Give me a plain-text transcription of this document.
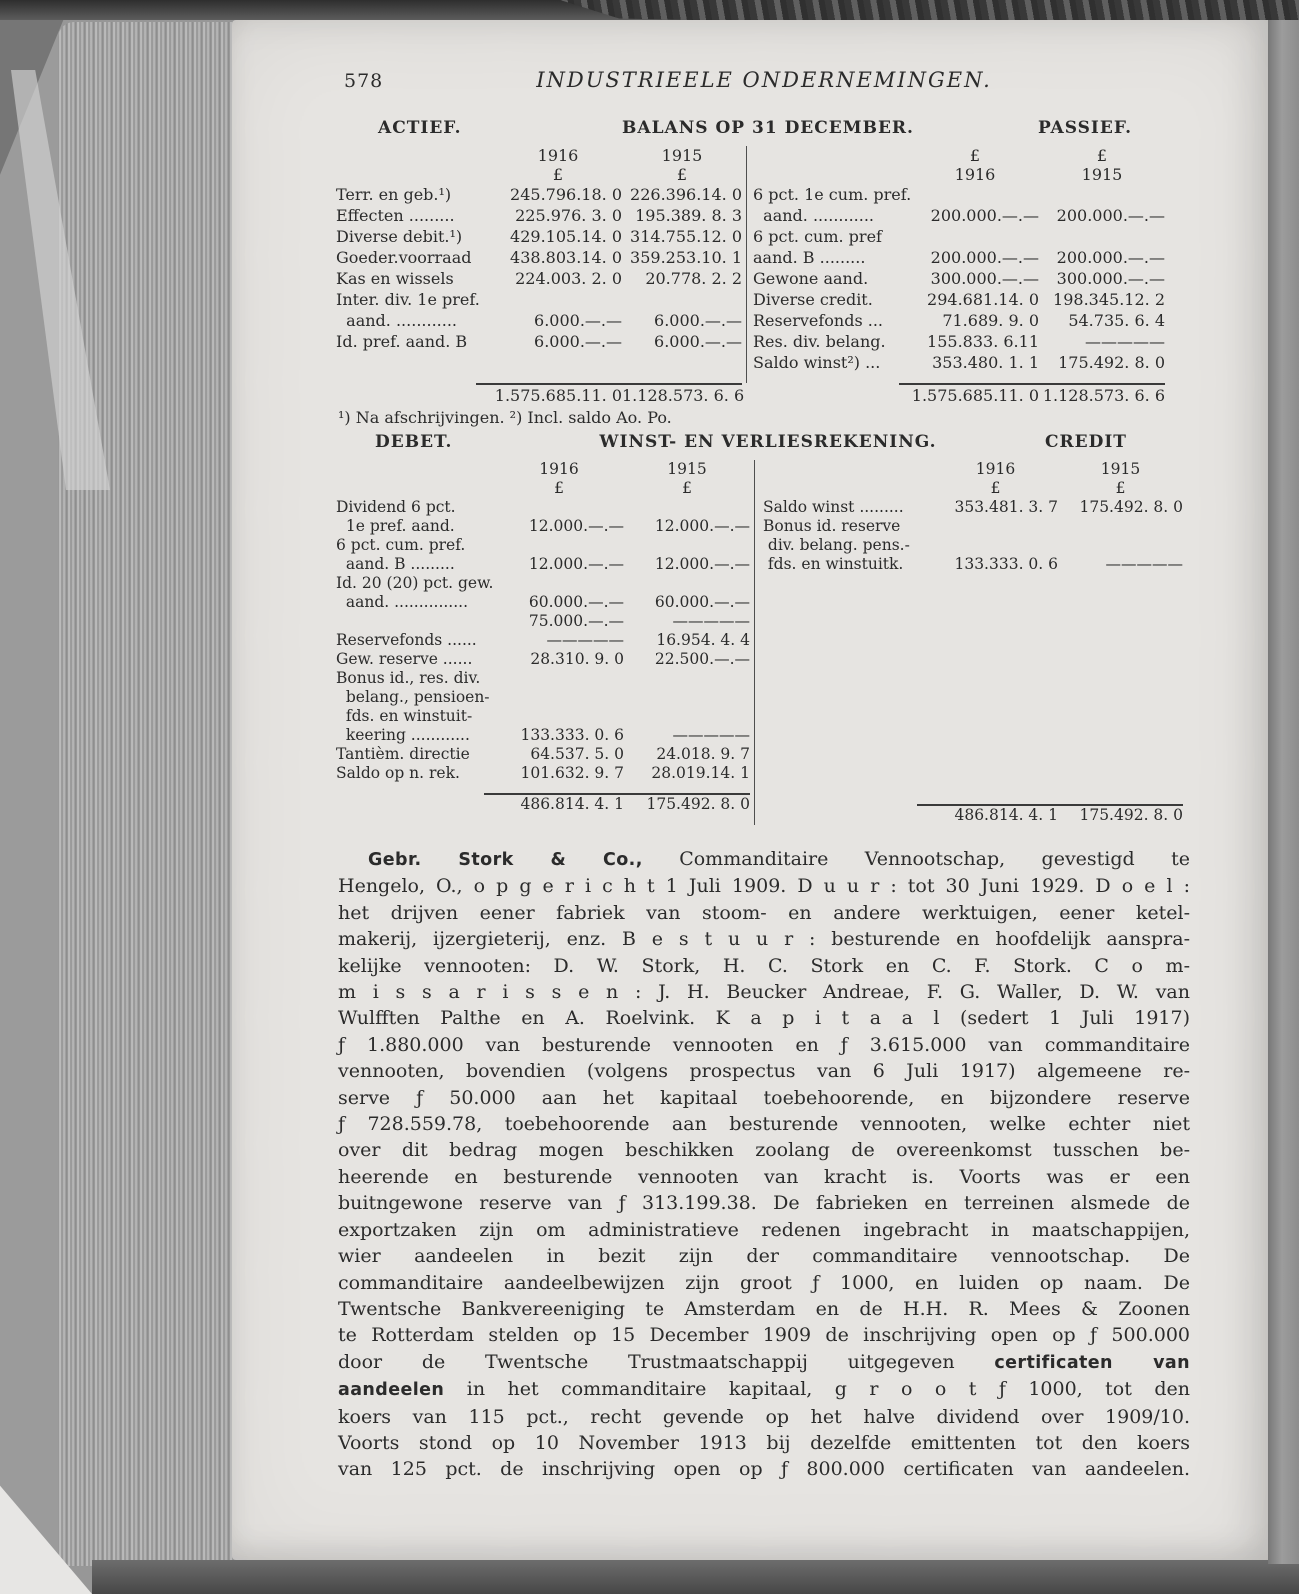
578	INDUSTRIEELE ONDERNEMINGEN.
ACTIEF.	BALANS OP 31 DECEMBER.	PASSIEF.
1916	1915
£	£
Terr. en geb.¹)	245.796.18. 0 226.396.14. 0
Effecten .........	225.976. 3. 0 195.389. 8. 3
Diverse debit.¹)	429.105.14. 0 314.755.12. 0
Goeder.voorraad	438.803.14. 0 359.253.10. 1
Kas en wissels	224.003. 2. 0	20.778. 2. 2
Inter. div. 1e pref.
aand. ............	6.000.—.—	6.000.—.—
Id. pref. aand. B	6.000.—.—	6.000.—.—
1.575.685.11. 0 1.128.573. 6. 6
£	£
1916	1915
6 pct. 1e cum. pref.
aand. ............	200.000.—.—	200.000.—.—
6 pct. cum. pref
aand. B .........	200.000.—.—	200.000.—.—
Gewone aand.	300.000.—.—	300.000.—.—
Diverse credit.	294.681.14. 0 198.345.12. 2
Reservefonds ...	71.689. 9. 0	54.735. 6. 4
Res. div. belang.	155.833. 6.11	—————
Saldo winst²) ...	353.480. 1. 1	175.492. 8. 0
1.575.685.11. 0 1.128.573. 6. 6
¹) Na afschrijvingen. ²) Incl. saldo Ao. Po.
DEBET.	WINST- EN VERLIESREKENING.	CREDIT
1916	1915
£	£
Dividend 6 pct.
1e pref. aand.	12.000.—.—	12.000.—.—
6 pct. cum. pref.
aand. B .........	12.000.—.—	12.000.—.—
Id. 20 (20) pct. gew.
aand. ...............	60.000.—.—	60.000.—.—
75.000.—.—	—————
Reservefonds ......	—————	16.954. 4. 4
Gew. reserve ......	28.310. 9. 0	22.500.—.—
Bonus id., res. div.
belang., pensioen-
fds. en winstuit-
keering ............	133.333. 0. 6	—————
Tantièm. directie	64.537. 5. 0	24.018. 9. 7
Saldo op n. rek.	101.632. 9. 7	28.019.14. 1
486.814. 4. 1	175.492. 8. 0
1916	1915
£	£
Saldo winst .........	353.481. 3. 7	175.492. 8. 0
Bonus id. reserve
div. belang. pens.-
fds. en winstuitk.	133.333. 0. 6	—————
486.814. 4. 1	175.492. 8. 0
Gebr. Stork & Co., Commanditaire Vennootschap, gevestigd te
Hengelo, O., o p g e r i c h t 1 Juli 1909. D u u r : tot 30 Juni 1929. D o e l :
het drijven eener fabriek van stoom- en andere werktuigen, eener ketel-
makerij, ijzergieterij, enz. B e s t u u r : besturende en hoofdelijk aanspra-
kelijke vennooten: D. W. Stork, H. C. Stork en C. F. Stork. C o m-
m i s s a r i s s e n : J. H. Beucker Andreae, F. G. Waller, D. W. van
Wulfften Palthe en A. Roelvink. K a p i t a a l (sedert 1 Juli 1917)
ƒ 1.880.000 van besturende vennooten en ƒ 3.615.000 van commanditaire
vennooten, bovendien (volgens prospectus van 6 Juli 1917) algemeene re-
serve ƒ 50.000 aan het kapitaal toebehoorende, en bijzondere reserve
ƒ 728.559.78, toebehoorende aan besturende vennooten, welke echter niet
over dit bedrag mogen beschikken zoolang de overeenkomst tusschen be-
heerende en besturende vennooten van kracht is. Voorts was er een
buitngewone reserve van ƒ 313.199.38. De fabrieken en terreinen alsmede de
exportzaken zijn om administratieve redenen ingebracht in maatschappijen,
wier aandeelen in bezit zijn der commanditaire vennootschap. De
commanditaire aandeelbewijzen zijn groot ƒ 1000, en luiden op naam. De
Twentsche Bankvereeniging te Amsterdam en de H.H. R. Mees & Zoonen
te Rotterdam stelden op 15 December 1909 de inschrijving open op ƒ 500.000
door de Twentsche Trustmaatschappij uitgegeven certificaten van
aandeelen in het commanditaire kapitaal, g r o o t ƒ 1000, tot den
koers van 115 pct., recht gevende op het halve dividend over 1909/10.
Voorts stond op 10 November 1913 bij dezelfde emittenten tot den koers
van 125 pct. de inschrijving open op ƒ 800.000 certificaten van aandeelen.
